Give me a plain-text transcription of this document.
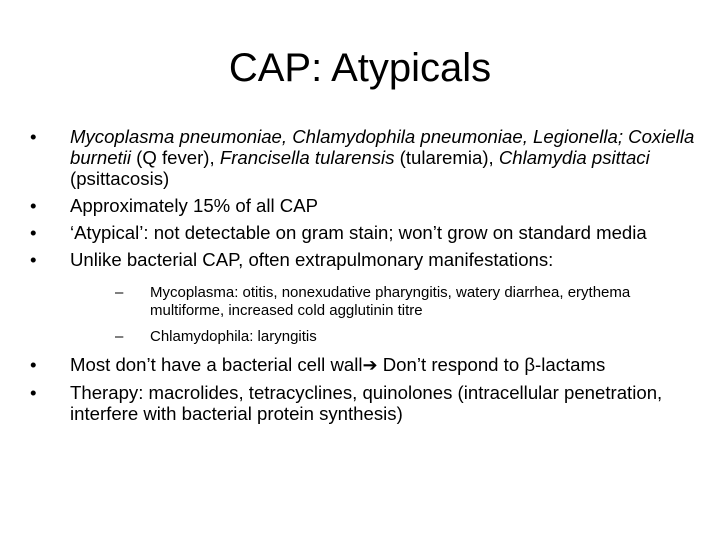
CAP: Atypicals
•	Mycoplasma pneumoniae, Chlamydophila pneumoniae, Legionella; Coxiella burnetii (Q fever), Francisella tularensis (tularemia), Chlamydia psittaci (psittacosis)
•	Approximately 15% of all CAP
•	‘Atypical’: not detectable on gram stain; won’t grow on standard media
•	Unlike bacterial CAP, often extrapulmonary manifestations:
– Mycoplasma: otitis, nonexudative pharyngitis, watery diarrhea, erythema multiforme, increased cold agglutinin titre
– Chlamydophila: laryngitis
•	Most don’t have a bacterial cell wall➔ Don’t respond to β-lactams
•	Therapy: macrolides, tetracyclines, quinolones (intracellular penetration, interfere with bacterial protein synthesis)
